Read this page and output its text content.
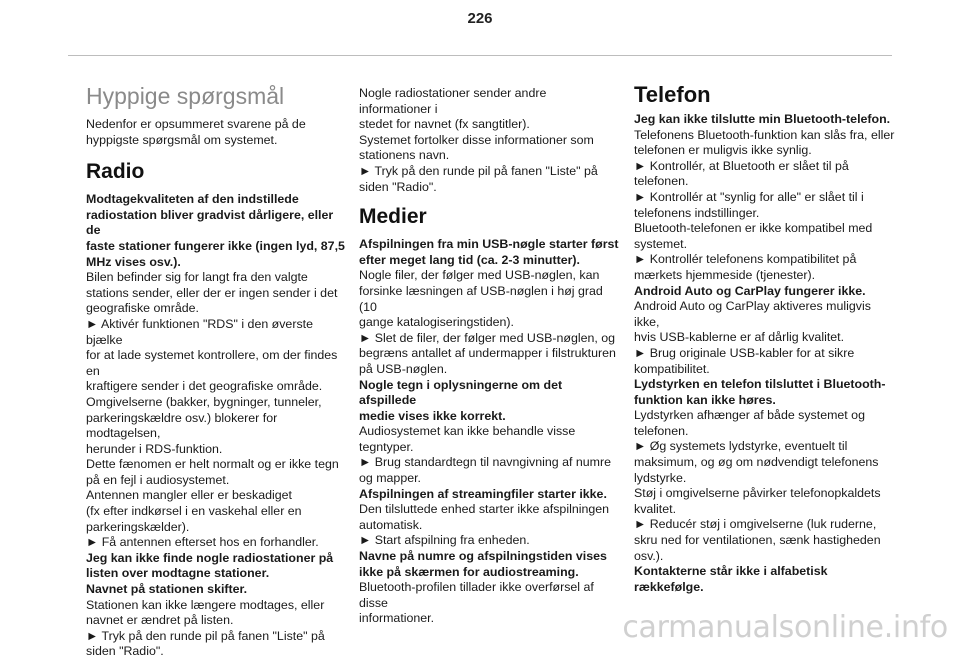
226
Hyppige spørgsmål

Nedenfor er opsummeret svarene på de

hyppigste spørgsmål om systemet.

Radio

Modtagekvaliteten af den indstillede

radiostation bliver gradvist dårligere, eller de

faste stationer fungerer ikke (ingen lyd, 87,5

MHz vises osv.).

Bilen befinder sig for langt fra den valgte

stations sender, eller der er ingen sender i det

geografiske område.

► Aktivér funktionen "RDS" i den øverste bjælke

for at lade systemet kontrollere, om der findes en

kraftigere sender i det geografiske område.

Omgivelserne (bakker, bygninger, tunneler,

parkeringskældre osv.) blokerer for modtagelsen,

herunder i RDS-funktion.

Dette fænomen er helt normalt og er ikke tegn

på en fejl i audiosystemet.

Antennen mangler eller er beskadiget

(fx efter indkørsel i en vaskehal eller en

parkeringskælder).

► Få antennen efterset hos en forhandler.

Jeg kan ikke finde nogle radiostationer på

listen over modtagne stationer.

Navnet på stationen skifter.

Stationen kan ikke længere modtages, eller

navnet er ændret på listen.

► Tryk på den runde pil på fanen "Liste" på

siden "Radio".

Nogle radiostationer sender andre informationer i

stedet for navnet (fx sangtitler).

Systemet fortolker disse informationer som

stationens navn.

► Tryk på den runde pil på fanen "Liste" på

siden "Radio".

Medier

Afspilningen fra min USB-nøgle starter først

efter meget lang tid (ca. 2-3 minutter).

Nogle filer, der følger med USB-nøglen, kan

forsinke læsningen af USB-nøglen i høj grad (10

gange katalogiseringstiden).

► Slet de filer, der følger med USB-nøglen, og

begræns antallet af undermapper i filstrukturen

på USB-nøglen.

Nogle tegn i oplysningerne om det afspillede

medie vises ikke korrekt.

Audiosystemet kan ikke behandle visse

tegntyper.

► Brug standardtegn til navngivning af numre

og mapper.

Afspilningen af streamingfiler starter ikke.

Den tilsluttede enhed starter ikke afspilningen

automatisk.

► Start afspilning fra enheden.

Navne på numre og afspilningstiden vises

ikke på skærmen for audiostreaming.

Bluetooth-profilen tillader ikke overførsel af disse

informationer.

Telefon

Jeg kan ikke tilslutte min Bluetooth-telefon.

Telefonens Bluetooth-funktion kan slås fra, eller

telefonen er muligvis ikke synlig.

► Kontrollér, at Bluetooth er slået til på

telefonen.

► Kontrollér at "synlig for alle" er slået til i

telefonens indstillinger.

Bluetooth-telefonen er ikke kompatibel med

systemet.

► Kontrollér telefonens kompatibilitet på

mærkets hjemmeside (tjenester).

Android Auto og CarPlay fungerer ikke.

Android Auto og CarPlay aktiveres muligvis ikke,

hvis USB-kablerne er af dårlig kvalitet.

► Brug originale USB-kabler for at sikre

kompatibilitet.

Lydstyrken en telefon tilsluttet i Bluetooth-

funktion kan ikke høres.

Lydstyrken afhænger af både systemet og

telefonen.

► Øg systemets lydstyrke, eventuelt til

maksimum, og øg om nødvendigt telefonens

lydstyrke.

Støj i omgivelserne påvirker telefonopkaldets

kvalitet.

► Reducér støj i omgivelserne (luk ruderne,

skru ned for ventilationen, sænk hastigheden

osv.).

Kontakterne står ikke i alfabetisk rækkefølge.

carmanualsonline.info
